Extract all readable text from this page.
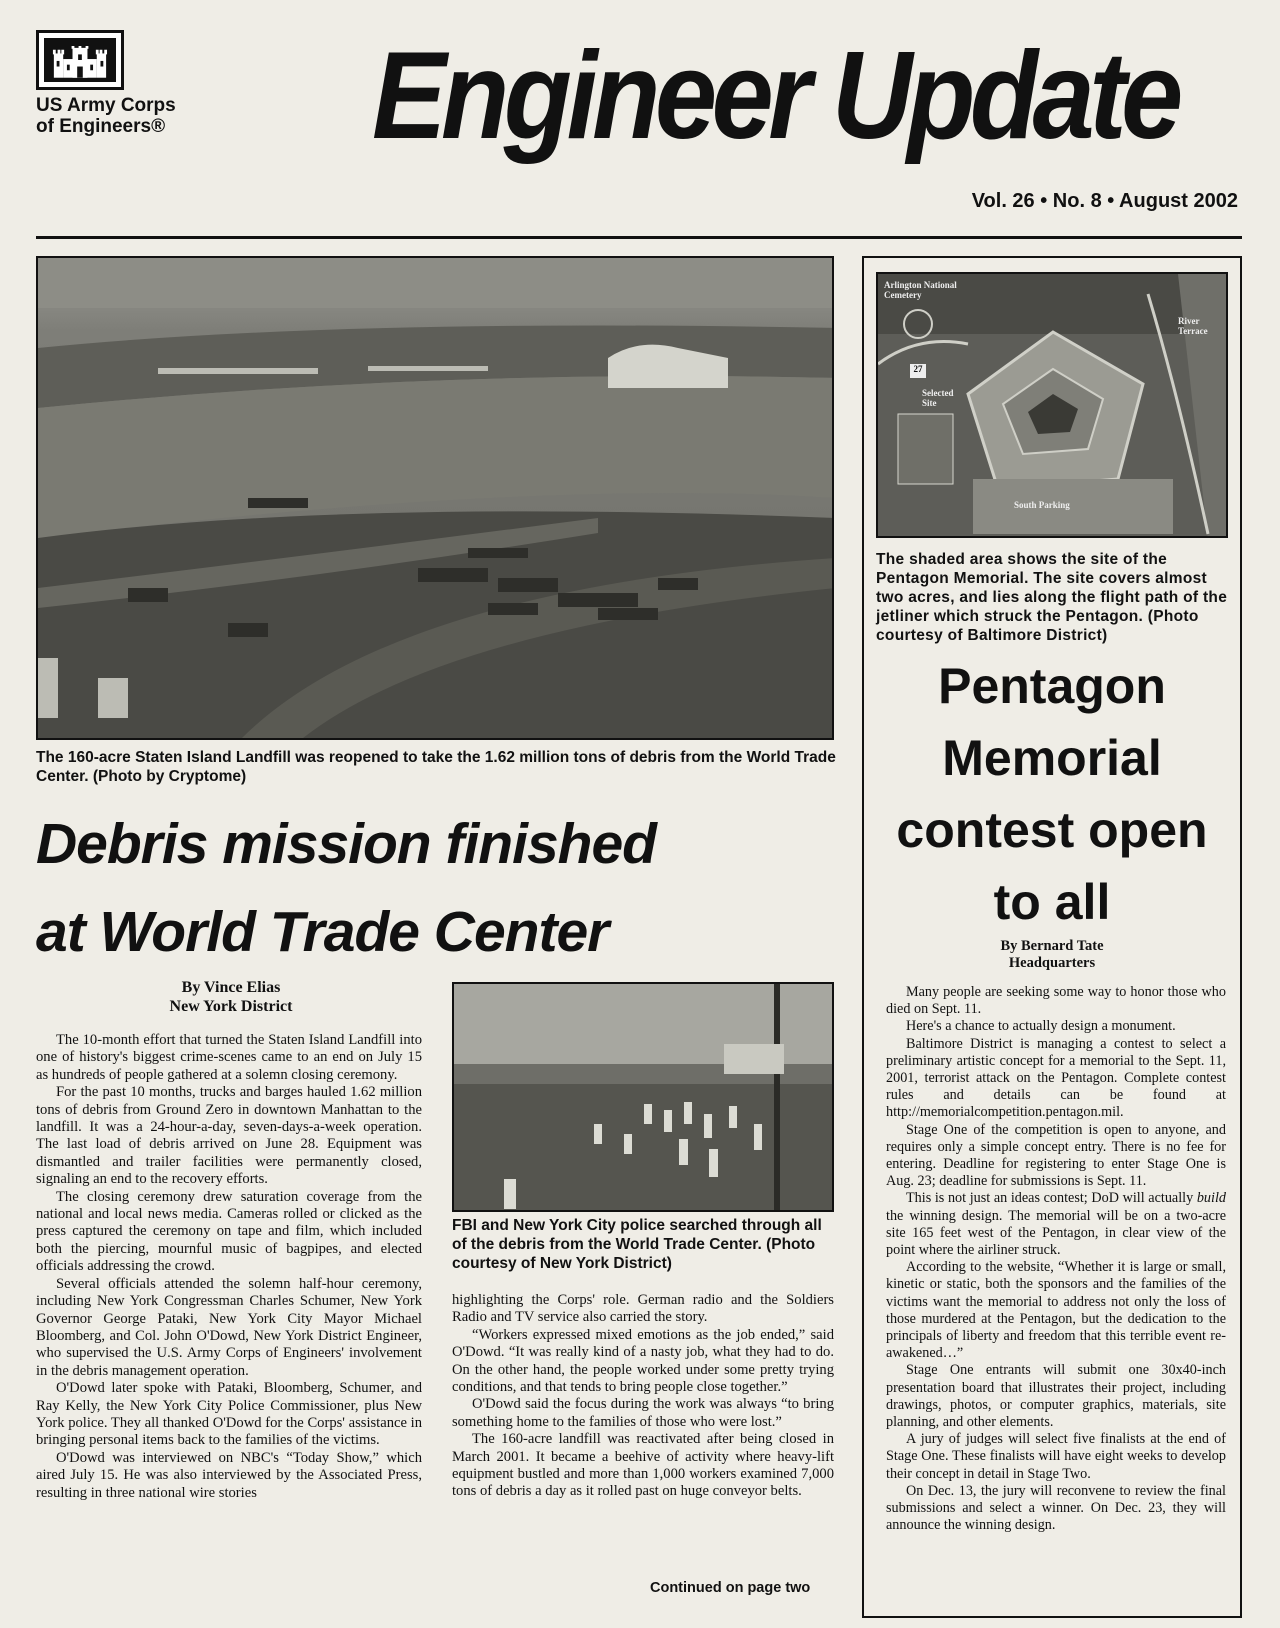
US Army Corps
of Engineers®	Engineer Update
Vol. 26 • No. 8 • August 2002
The 160-acre Staten Island Landfill was reopened to take the 1.62 million tons of debris from the World Trade Center. (Photo by Cryptome)
Debris mission finished
at World Trade Center
By Vince Elias
New York District

The 10-month effort that turned the Staten Island Landfill into one of history's biggest crime-scenes came to an end on July 15 as hundreds of people gathered at a solemn closing ceremony.

For the past 10 months, trucks and barges hauled 1.62 million tons of debris from Ground Zero in downtown Manhattan to the landfill. It was a 24-hour-a-day, seven-days-a-week operation. The last load of debris arrived on June 28. Equipment was dismantled and trailer facilities were permanently closed, signaling an end to the recovery efforts.

The closing ceremony drew saturation coverage from the national and local news media. Cameras rolled or clicked as the press captured the ceremony on tape and film, which included both the piercing, mournful music of bagpipes, and elected officials addressing the crowd.

Several officials attended the solemn half-hour ceremony, including New York Congressman Charles Schumer, New York Governor George Pataki, New York City Mayor Michael Bloomberg, and Col. John O'Dowd, New York District Engineer, who supervised the U.S. Army Corps of Engineers' involvement in the debris management operation.

O'Dowd later spoke with Pataki, Bloomberg, Schumer, and Ray Kelly, the New York City Police Commissioner, plus New York police. They all thanked O'Dowd for the Corps' assistance in bringing personal items back to the families of the victims.

O'Dowd was interviewed on NBC's “Today Show,” which aired July 15. He was also interviewed by the Associated Press, resulting in three national wire stories

FBI and New York City police searched through all of the debris from the World Trade Center. (Photo courtesy of New York District)

highlighting the Corps' role. German radio and the Soldiers Radio and TV service also carried the story.

“Workers expressed mixed emotions as the job ended,” said O'Dowd. “It was really kind of a nasty job, what they had to do. On the other hand, the people worked under some pretty trying conditions, and that tends to bring people close together.”

O'Dowd said the focus during the work was always “to bring something home to the families of those who were lost.”

The 160-acre landfill was reactivated after being closed in March 2001. It became a beehive of activity where heavy-lift equipment bustled and more than 1,000 workers examined 7,000 tons of debris a day as it rolled past on huge conveyor belts.

Continued on page two
Arlington National Cemetery
Selected Site
River Terrace
South Parking
27
The shaded area shows the site of the Pentagon Memorial. The site covers almost two acres, and lies along the flight path of the jetliner which struck the Pentagon. (Photo courtesy of Baltimore District)
Pentagon
Memorial
contest open
to all
By Bernard Tate
Headquarters

Many people are seeking some way to honor those who died on Sept. 11.

Here's a chance to actually design a monument.

Baltimore District is managing a contest to select a preliminary artistic concept for a memorial to the Sept. 11, 2001, terrorist attack on the Pentagon. Complete contest rules and details can be found at http://memorialcompetition.pentagon.mil.

Stage One of the competition is open to anyone, and requires only a simple concept entry. There is no fee for entering. Deadline for registering to enter Stage One is Aug. 23; deadline for submissions is Sept. 11.

This is not just an ideas contest; DoD will actually build the winning design. The memorial will be on a two-acre site 165 feet west of the Pentagon, in clear view of the point where the airliner struck.

According to the website, “Whether it is large or small, kinetic or static, both the sponsors and the families of the victims want the memorial to address not only the loss of those murdered at the Pentagon, but the dedication to the principals of liberty and freedom that this terrible event re-awakened…”

Stage One entrants will submit one 30x40-inch presentation board that illustrates their project, including drawings, photos, or computer graphics, materials, site planning, and other elements.

A jury of judges will select five finalists at the end of Stage One. These finalists will have eight weeks to develop their concept in detail in Stage Two.

On Dec. 13, the jury will reconvene to review the final submissions and select a winner. On Dec. 23, they will announce the winning design.
